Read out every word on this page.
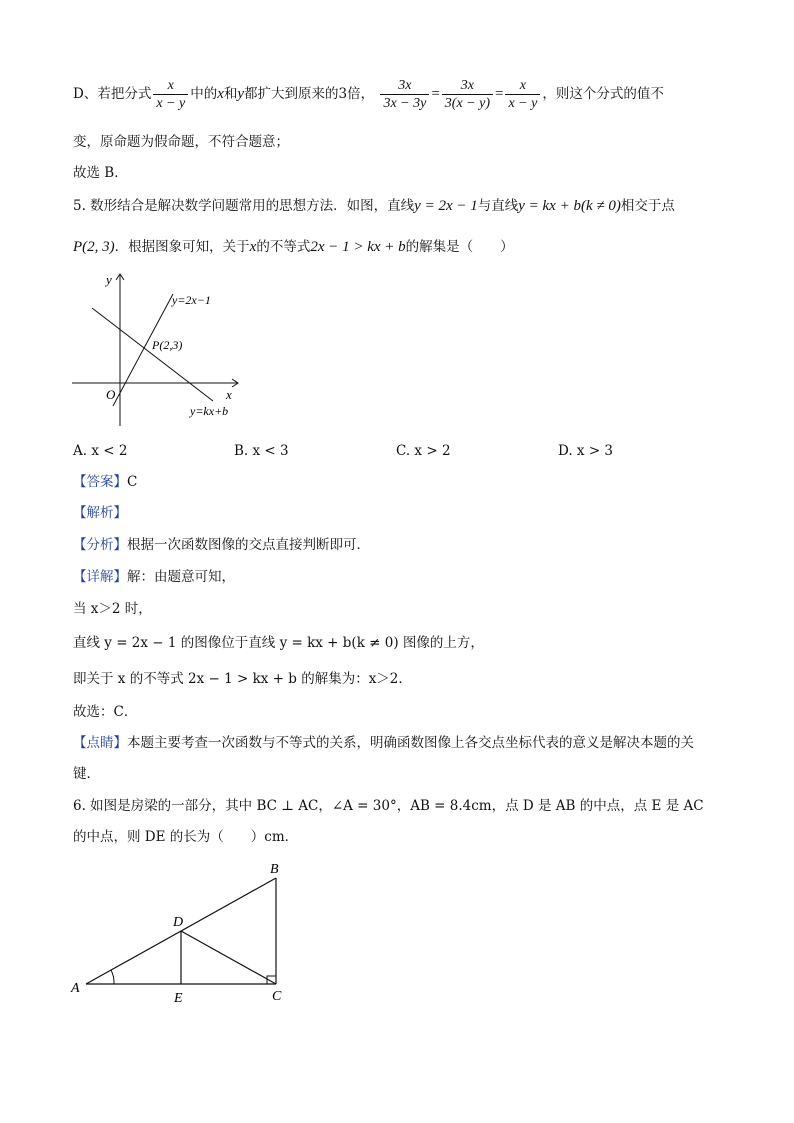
D、若把分式 $\frac{x}{x - y}$ 中的x和y都扩大到原来的3倍， $\frac{3x}{3x - 3y} = \frac{3x}{3(x - y)} = \frac{x}{x - y}$ ，则这个分式的值不
变，原命题为假命题，不符合题意；
故选 B．
5. 数形结合是解决数学问题常用的思想方法．如图，直线y = 2x − 1与直线y = kx + b(k ≠ 0)相交于点
P(2, 3)．根据图象可知，关于x的不等式2x − 1 > kx + b的解集是（　　）
y
x
O
y=2x−1
P(2,3)
y=kx+b
A. x < 2	B. x < 3	C. x > 2	D. x > 3
【答案】C
【解析】
【分析】根据一次函数图像的交点直接判断即可．
【详解】解：由题意可知，
当 x＞2 时，
直线 y = 2x − 1 的图像位于直线 y = kx + b(k ≠ 0) 图像的上方，
即关于 x 的不等式 2x − 1 > kx + b 的解集为：x＞2．
故选：C．
【点睛】本题主要考查一次函数与不等式的关系，明确函数图像上各交点坐标代表的意义是解决本题的关
键．
6. 如图是房梁的一部分，其中 BC ⊥ AC，∠A = 30°，AB = 8.4cm，点 D 是 AB 的中点，点 E 是 AC
的中点，则 DE 的长为（　　）cm．
A
B
C
D
E
